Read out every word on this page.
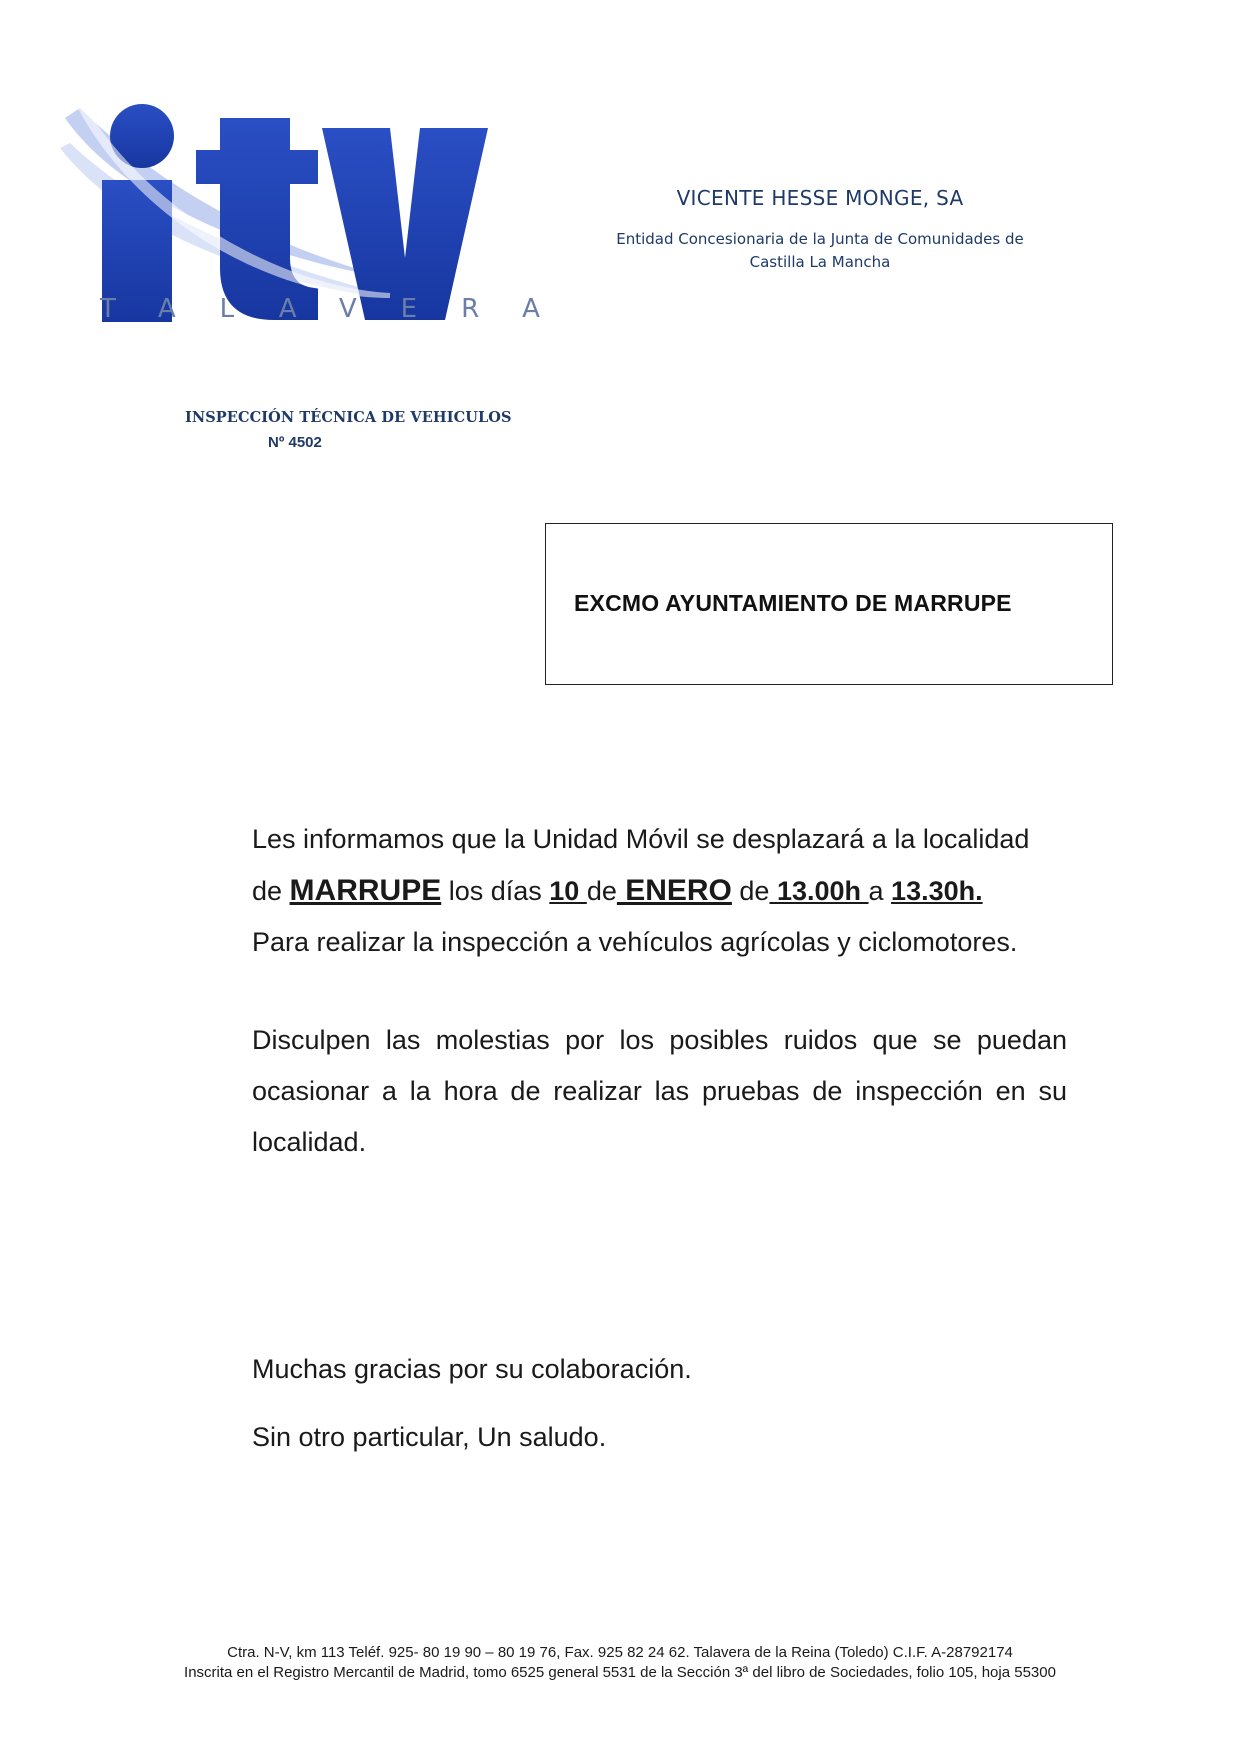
TALAVERA
VICENTE HESSE MONGE, SA
Entidad Concesionaria de la Junta de Comunidades de
Castilla La Mancha
INSPECCIÓN TÉCNICA DE VEHICULOS
Nº 4502
EXCMO AYUNTAMIENTO DE MARRUPE
Les informamos que la Unidad Móvil se desplazará a la localidad
de MARRUPE los días 10 de ENERO de 13.00h a 13.30h.
Para realizar la inspección a vehículos agrícolas y ciclomotores.
Disculpen las molestias por los posibles ruidos que se puedan ocasionar a la hora de realizar las pruebas de inspección en su localidad.
Muchas gracias por su colaboración.
Sin otro particular, Un saludo.
Ctra. N-V, km 113 Teléf. 925- 80 19 90 – 80 19 76, Fax. 925 82 24 62. Talavera de la Reina (Toledo) C.I.F. A-28792174
Inscrita en el Registro Mercantil de Madrid, tomo 6525 general 5531 de la Sección 3ª del libro de Sociedades, folio 105, hoja 55300
